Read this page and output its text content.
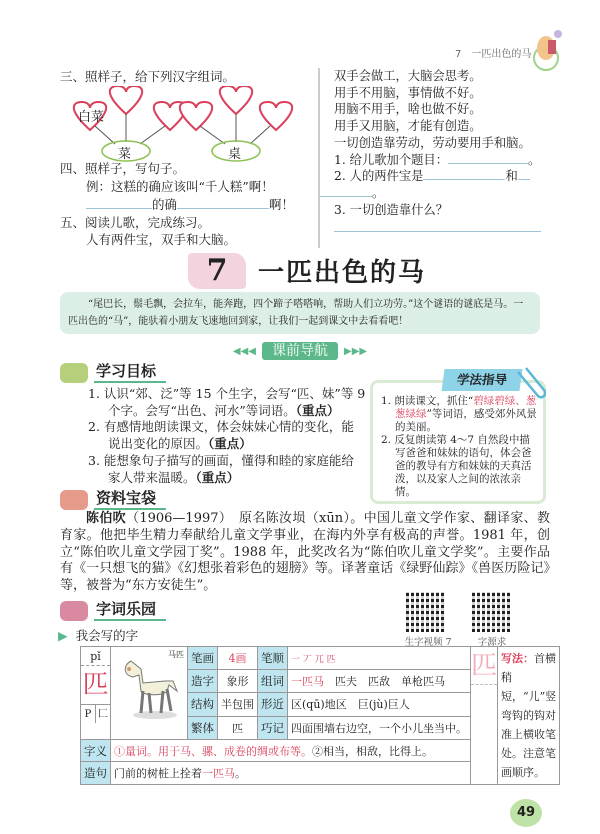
7　 一匹出色的马
三、照样子，给下列汉字组词。
白菜
菜	桌
四、照样子，写句子。
例：这糕的确应该叫“千人糕”啊！
的确	啊！
五、阅读儿歌，完成练习。
人有两件宝，双手和大脑。
双手会做工，大脑会思考。
用手不用脑，事情做不好。
用脑不用手，啥也做不好。
用手又用脑，才能有创造。
一切创造靠劳动，劳动要用手和脑。
1. 给儿歌加个题目：	。
2. 人的两件宝是	和
。
3. 一切创造靠什么？
7	一匹出色的马
“尾巴长，鬃毛飘，会拉车，能奔跑，四个蹄子嗒嗒响，帮助人们立功劳。”这个谜语的谜底是马。一匹出色的“马”，能驮着小朋友飞速地回到家，让我们一起到课文中去看看吧！
◀◀◀	课前导航	▶▶▶
学习目标
1. 认识“郊、泛”等 15 个生字，会写“匹、妹”等 9 个字。会写“出色、河水”等词语。（重点）
2. 有感情地朗读课文，体会妹妹心情的变化，能说出变化的原因。（重点）
3. 能想象句子描写的画面，懂得和睦的家庭能给家人带来温暖。（重点）
1. 朗读课文，抓住“碧绿碧绿、葱葱绿绿”等词语，感受郊外风景的美丽。
2. 反复朗读第 4～7 自然段中描写爸爸和妹妹的语句，体会爸爸的教导有方和妹妹的天真活泼，以及家人之间的浓浓亲情。
学法指导
资料宝袋
陈伯吹（1906—1997）　原名陈汝埙（xūn）。中国儿童文学作家、翻译家、教育家。他把毕生精力奉献给儿童文学事业，在海内外享有极高的声誉。1981 年，创立“陈伯吹儿童文学园丁奖”。1988 年，此奖改名为“陈伯吹儿童文学奖”。主要作品有《一只想飞的猫》《幻想张着彩色的翅膀》等。译著童话《绿野仙踪》《兽医历险记》等，被誉为“东方安徒生”。
生字视频 7	字源求
字词乐园
▶ 我会写的字
pǐ
匹
P 匚	马匹	笔画	4画	笔顺	一 丆 兀 匹	匹	写法：首横稍短，“儿”竖弯钩的钩对准上横收笔处。注意笔画顺序。
		造字	象形	组词	一匹马　匹夫　匹敌　单枪匹马		
		结构	半包围	形近	区(qū)地区　巨(jù)巨人		
		繁体	匹	巧记	四面围墙右边空，一个小儿坐当中。		
字义	①量词。用于马、骡、成卷的绸或布等。②相当，相敌，比得上。						
造句	门前的树桩上拴着一匹马。						
49
